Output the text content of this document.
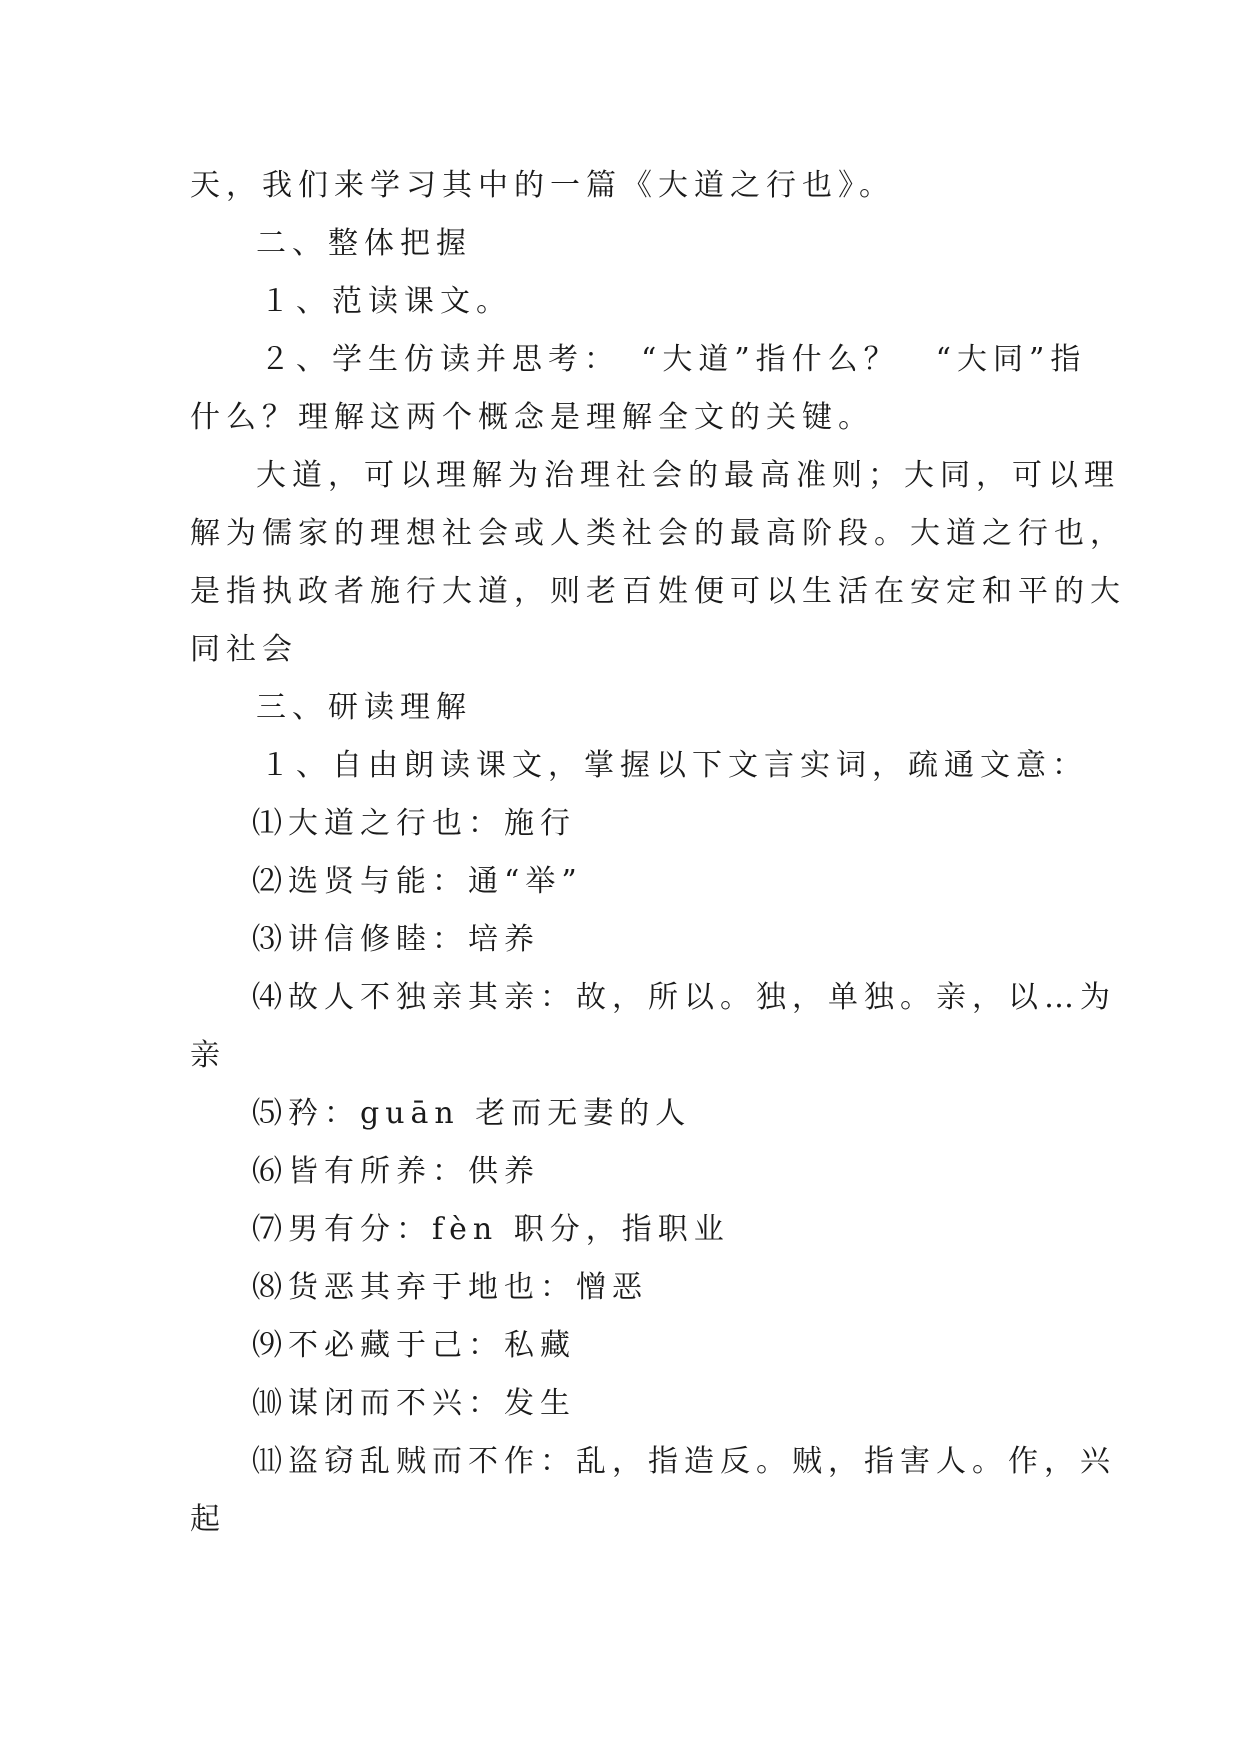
天，我们来学习其中的一篇《大道之行也》。

二、整体把握

１、范读课文。

２、学生仿读并思考：　“大道”指什么？　“大同”指

什么？理解这两个概念是理解全文的关键。

大道，可以理解为治理社会的最高准则；大同，可以理

解为儒家的理想社会或人类社会的最高阶段。大道之行也，

是指执政者施行大道，则老百姓便可以生活在安定和平的大

同社会

三、研读理解

１、自由朗读课文，掌握以下文言实词，疏通文意：

⑴大道之行也：施行

⑵选贤与能：通“举”

⑶讲信修睦：培养

⑷故人不独亲其亲：故，所以。独，单独。亲，以…为

亲

⑸矜：guān 老而无妻的人

⑹皆有所养：供养

⑺男有分：fèn 职分，指职业

⑻货恶其弃于地也：憎恶

⑼不必藏于己：私藏

⑽谋闭而不兴：发生

⑾盗窃乱贼而不作：乱，指造反。贼，指害人。作，兴

起
